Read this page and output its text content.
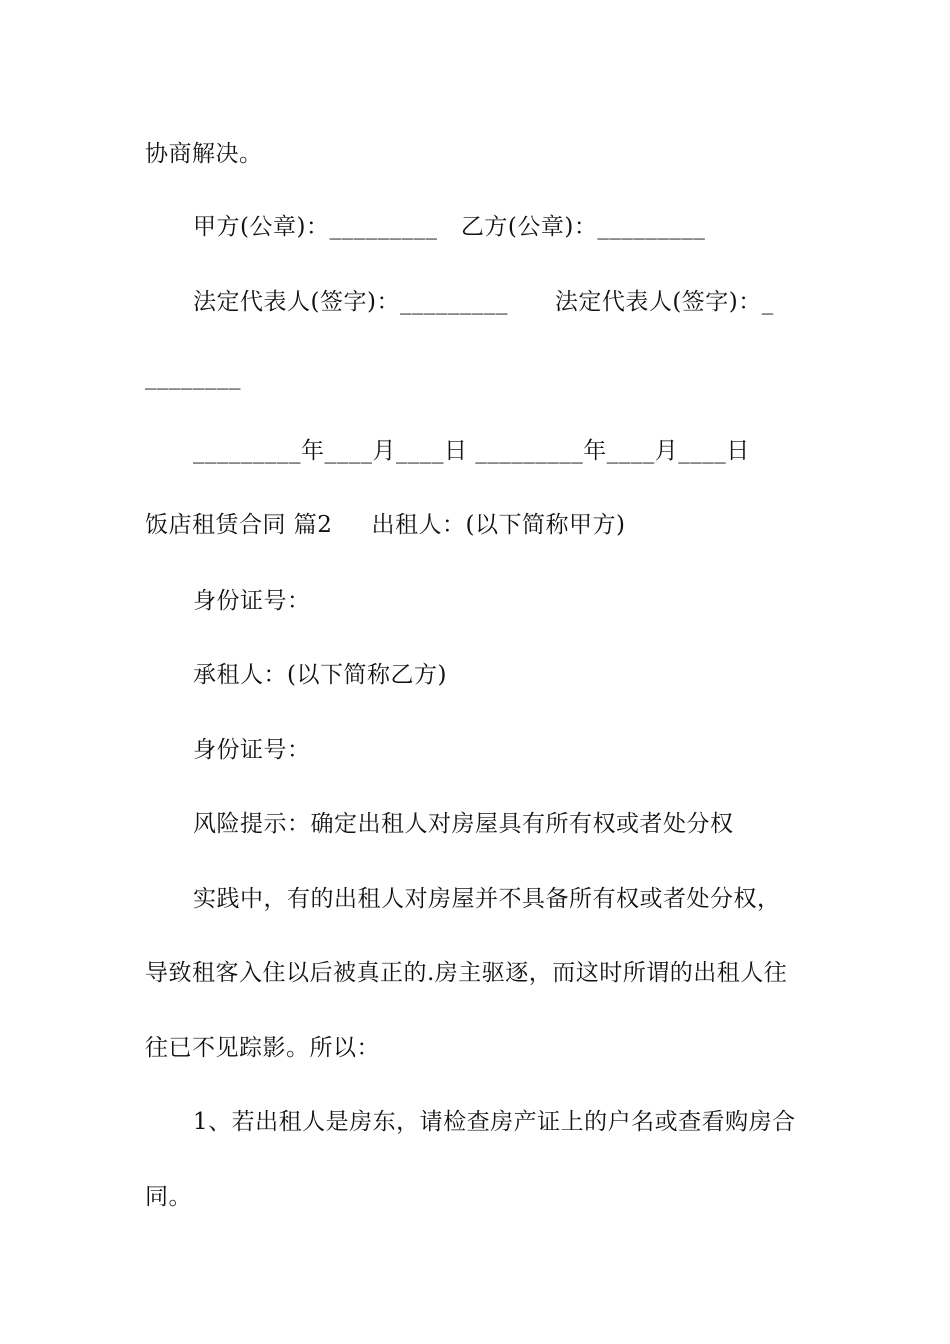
协商解决。
甲方(公章)：_________   乙方(公章)：_________
法定代表人(签字)：_________      法定代表人(签字)：_
________
_________年____月____日 _________年____月____日
饭店租赁合同 篇2     出租人：(以下简称甲方)
身份证号：
承租人：(以下简称乙方)
身份证号：
风险提示：确定出租人对房屋具有所有权或者处分权
实践中，有的出租人对房屋并不具备所有权或者处分权，
导致租客入住以后被真正的.房主驱逐，而这时所谓的出租人往
往已不见踪影。所以：
1、若出租人是房东，请检查房产证上的户名或查看购房合
同。
